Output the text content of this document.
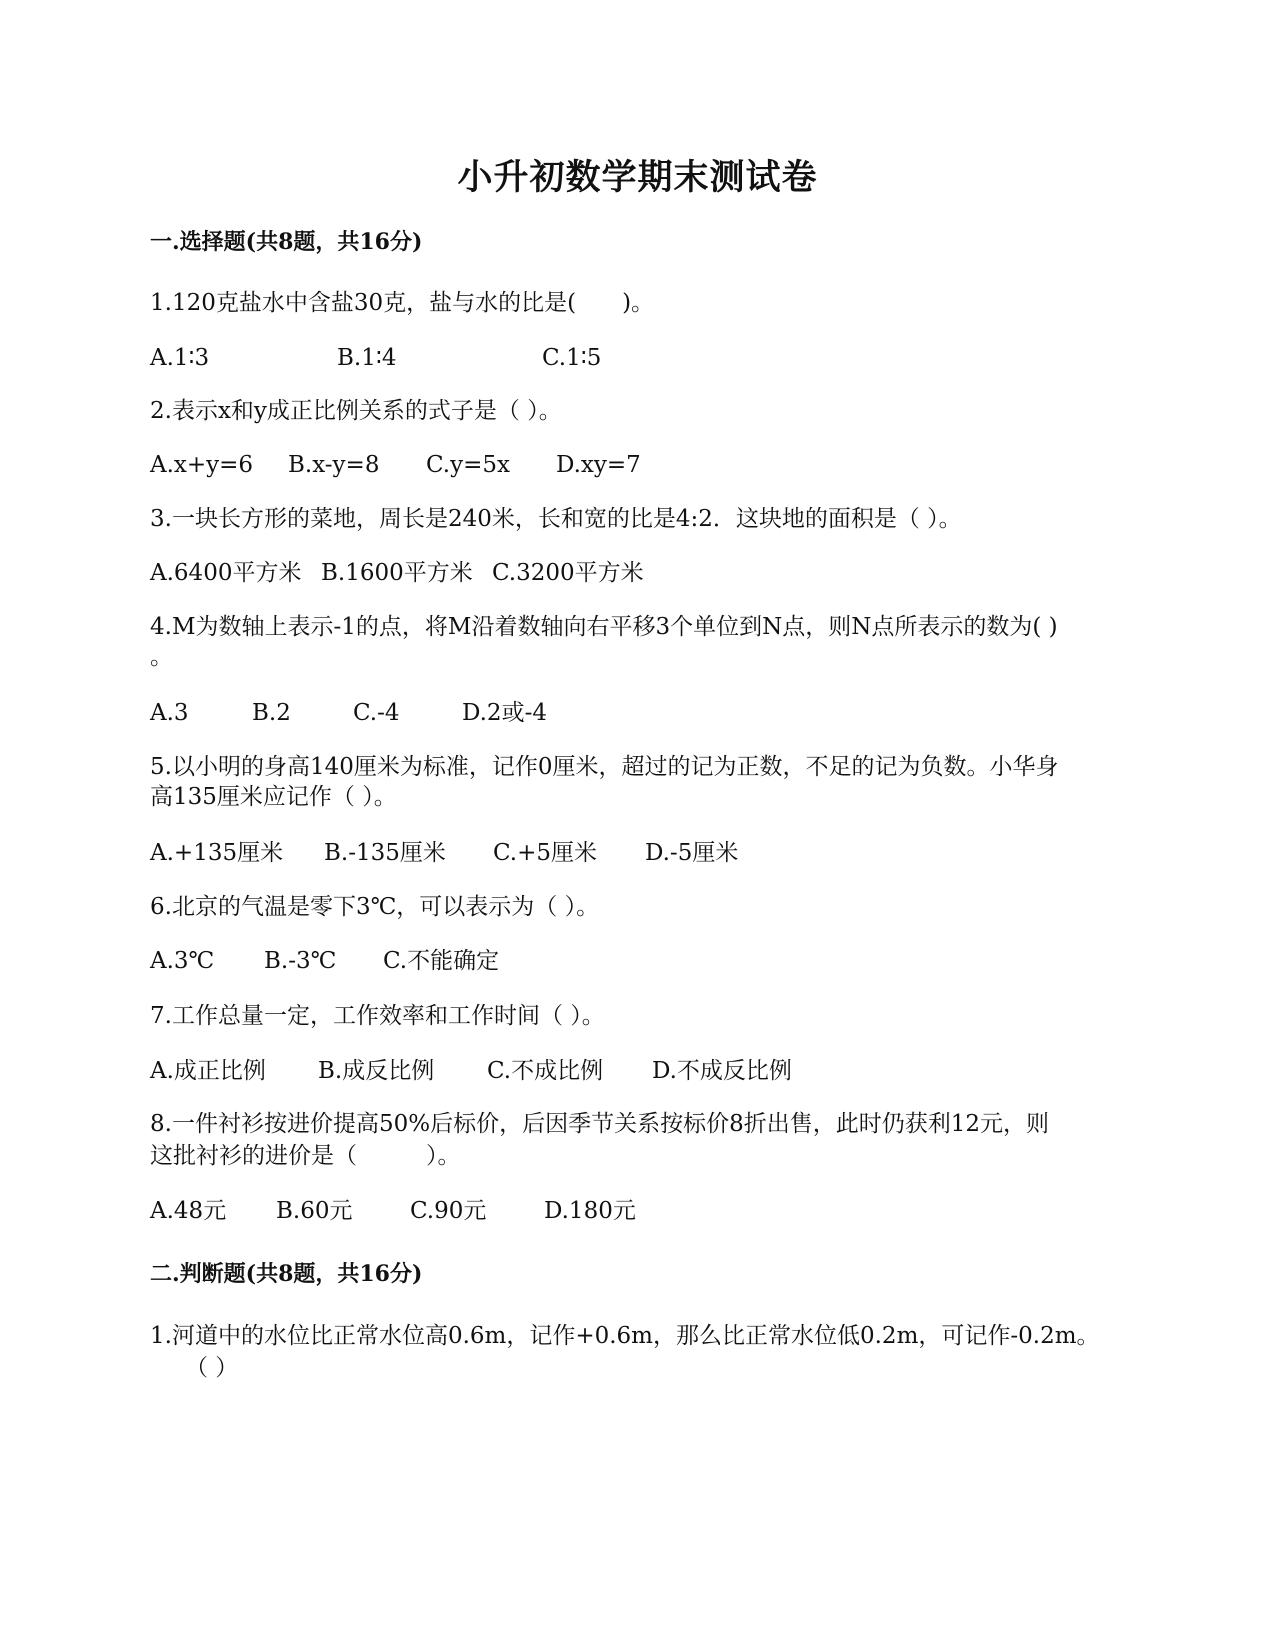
小升初数学期末测试卷
一.选择题(共8题，共16分)
1.120克盐水中含盐30克，盐与水的比是(　　)。
A.1∶3	B.1∶4	C.1∶5
2.表示x和y成正比例关系的式子是（ ）。
A.x+y=6	B.x-y=8	C.y=5x	D.xy=7
3.一块长方形的菜地，周长是240米，长和宽的比是4:2．这块地的面积是（ ）。
A.6400平方米 B.1600平方米 C.3200平方米
4.M为数轴上表示-1的点，将M沿着数轴向右平移3个单位到N点，则N点所表示的数为( )
。
A.3	B.2	C.-4	D.2或-4
5.以小明的身高140厘米为标准，记作0厘米，超过的记为正数，不足的记为负数。小华身
高135厘米应记作（ ）。
A.+135厘米	B.-135厘米	C.+5厘米	D.-5厘米
6.北京的气温是零下3℃，可以表示为（ ）。
A.3℃	B.-3℃	C.不能确定
7.工作总量一定，工作效率和工作时间（ ）。
A.成正比例	B.成反比例	C.不成比例	D.不成反比例
8.一件衬衫按进价提高50%后标价，后因季节关系按标价8折出售，此时仍获利12元，则
这批衬衫的进价是（　　　）。
A.48元	B.60元	C.90元	D.180元
二.判断题(共8题，共16分)
1.河道中的水位比正常水位高0.6m，记作+0.6m，那么比正常水位低0.2m，可记作-0.2m。
（ ）
